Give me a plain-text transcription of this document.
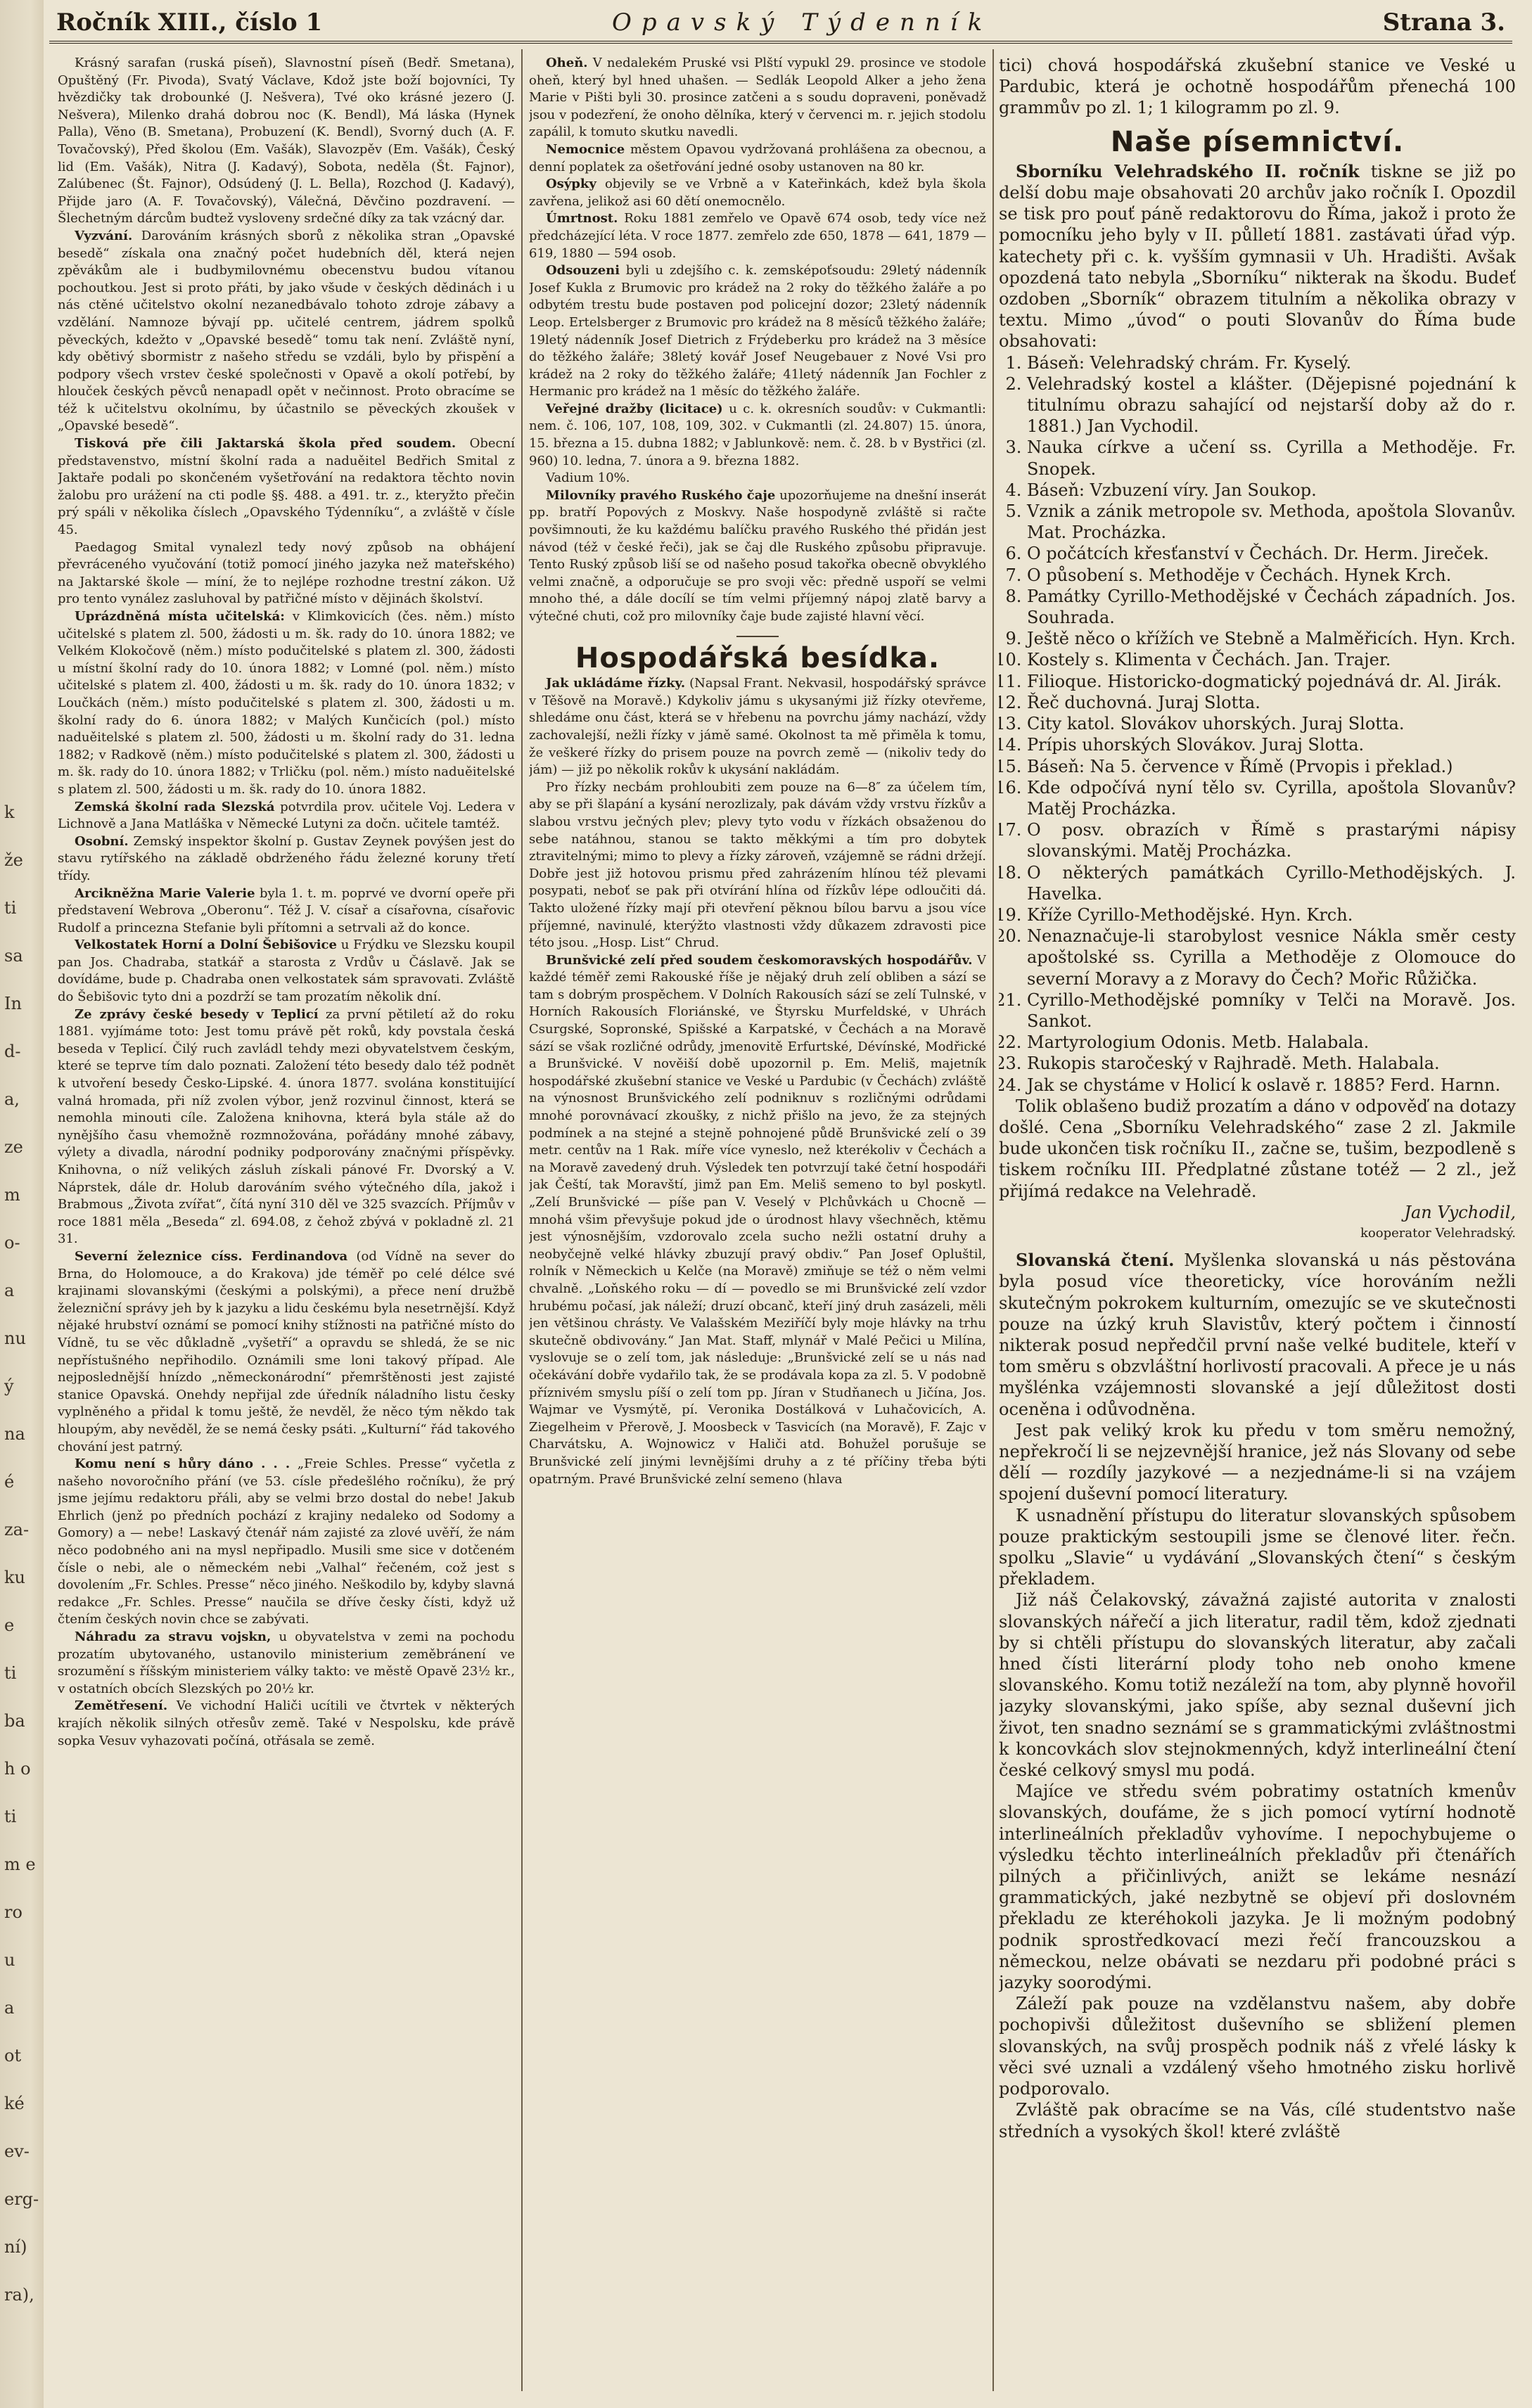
k
že
ti
sa
In
d-
a,
ze
m
o-
a
nu
ý
na
é
za-
ku
e
ti
ba
h o
ti
m e
ro
u
a
ot
ké
ev-
erg-
ní)
ra),
Ročník XIII., číslo 1	Opavský Týdenník	Strana 3.

Krásný sarafan (ruská píseň), Slavnostní píseň (Bedř. Smetana), Opuštěný (Fr. Pivoda), Svatý Václave, Kdož jste boží bojovníci, Ty hvězdičky tak drobounké (J. Nešvera), Tvé oko krásné jezero (J. Nešvera), Milenko drahá dobrou noc (K. Bendl), Má láska (Hynek Palla), Věno (B. Smetana), Probuzení (K. Bendl), Svorný duch (A. F. Tovačovský), Před školou (Em. Vašák), Slavozpěv (Em. Vašák), Český lid (Em. Vašák), Nitra (J. Kadavý), Sobota, neděla (Št. Fajnor), Zalúbenec (Št. Fajnor), Odsúdený (J. L. Bella), Rozchod (J. Kadavý), Přijde jaro (A. F. Tovačovský), Válečná, Děvčino pozdravení. — Šlechetným dárcům budtež vysloveny srdečné díky za tak vzácný dar.

Vyzvání. Darováním krásných sborů z několika stran „Opavské besedě“ získala ona značný počet hudebních děl, která nejen zpěvákům ale i budbymilovnému obecenstvu budou vítanou pochoutkou. Jest si proto přáti, by jako všude v českých dědinách i u nás ctěné učitelstvo okolní nezanedbávalo tohoto zdroje zábavy a vzdělání. Namnoze bývají pp. učitelé centrem, jádrem spolků pěveckých, kdežto v „Opavské besedě“ tomu tak není. Zvláště nyní, kdy obětivý sbormistr z našeho středu se vzdáli, bylo by přispění a podpory všech vrstev české společnosti v Opavě a okolí potřebí, by hlouček českých pěvců nenapadl opět v nečinnost. Proto obracíme se též k učitelstvu okolnímu, by účastnilo se pěveckých zkoušek v „Opavské besedě“.

Tisková pře čili Jaktarská škola před soudem. Obecní představenstvo, místní školní rada a naduěitel Bedřich Smital z Jaktaře podali po skončeném vyšetřování na redaktora těchto novin žalobu pro urážení na cti podle §§. 488. a 491. tr. z., kteryžto přečin prý spáli v několika číslech „Opavského Týdenníku“, a zvláště v čísle 45.

Paedagog Smital vynalezl tedy nový způsob na obhájení převráceného vyučování (totiž pomocí jiného jazyka než mateřského) na Jaktarské škole — míní, že to nejlépe rozhodne trestní zákon. Už pro tento vynález zasluhoval by patřičné místo v dějinách školství.

Uprázdněná místa učitelská: v Klimkovicích (čes. něm.) místo učitelské s platem zl. 500, žádosti u m. šk. rady do 10. února 1882; ve Velkém Klokočově (něm.) místo podučitelské s platem zl. 300, žádosti u místní školní rady do 10. února 1882; v Lomné (pol. něm.) místo učitelské s platem zl. 400, žádosti u m. šk. rady do 10. února 1832; v Loučkách (něm.) místo podučitelské s platem zl. 300, žádosti u m. školní rady do 6. února 1882; v Malých Kunčicích (pol.) místo naduěitelské s platem zl. 500, žádosti u m. školní rady do 31. ledna 1882; v Radkově (něm.) místo podučitelské s platem zl. 300, žádosti u m. šk. rady do 10. února 1882; v Trličku (pol. něm.) místo naduěitelské s platem zl. 500, žádosti u m. šk. rady do 10. února 1882.

Zemská školní rada Slezská potvrdila prov. učitele Voj. Ledera v Lichnově a Jana Matláška v Německé Lutyni za dočn. učitele tamtéž.

Osobní. Zemský inspektor školní p. Gustav Zeynek povýšen jest do stavu rytířského na základě obdrženého řádu železné koruny třetí třídy.

Arcikněžna Marie Valerie byla 1. t. m. poprvé ve dvorní opeře při představení Webrova „Oberonu“. Též J. V. císař a císařovna, císařovic Rudolf a princezna Stefanie byli přítomni a setrvali až do konce.

Velkostatek Horní a Dolní Šebišovice u Frýdku ve Slezsku koupil pan Jos. Chadraba, statkář a starosta z Vrdův u Čáslavě. Jak se dovídáme, bude p. Chadraba onen velkostatek sám spravovati. Zvláště do Šebišovic tyto dni a pozdrží se tam prozatím několik dní.

Ze zprávy české besedy v Teplicí za první pětiletí až do roku 1881. vyjímáme toto: Jest tomu právě pět roků, kdy povstala česká beseda v Teplicí. Čilý ruch zavládl tehdy mezi obyvatelstvem českým, které se teprve tím dalo poznati. Založení této besedy dalo též podnět k utvoření besedy Česko-Lipské. 4. února 1877. svolána konstituijící valná hromada, při níž zvolen výbor, jenž rozvinul činnost, která se nemohla minouti cíle. Založena knihovna, která byla stále až do nynějšího času vhemožně rozmnožována, pořádány mnohé zábavy, výlety a divadla, národní podniky podporovány značnými příspěvky. Knihovna, o níž velikých zásluh získali pánové Fr. Dvorský a V. Náprstek, dále dr. Holub darováním svého výtečného díla, jakož i Brabmous „Života zvířat“, čítá nyní 310 děl ve 325 svazcích. Příjmův v roce 1881 měla „Beseda“ zl. 694.08, z čehož zbývá v pokladně zl. 21 31.

Severní železnice císs. Ferdinandova (od Vídně na sever do Brna, do Holomouce, a do Krakova) jde téměř po celé délce své krajinami slovanskými (českými a polskými), a přece není družbě železniční správy jeh by k jazyku a lidu českému byla nesetrnější. Když nějaké hrubství oznámí se pomocí knihy stížnosti na patřičné místo do Vídně, tu se věc důkladně „vyšetří“ a opravdu se shledá, že se nic nepřístušného nepřihodilo. Oznámili sme loni takový případ. Ale nejposlednější hnízdo „německonárodní“ přemrštěnosti jest zajisté stanice Opavská. Onehdy nepřijal zde úředník náladního listu česky vyplněného a přidal k tomu ještě, že nevděl, že něco tým někdo tak hloupým, aby nevěděl, že se nemá česky psáti. „Kulturní“ řád takového chování jest patrný.

Komu není s hůry dáno . . . „Freie Schles. Presse“ vyčetla z našeho novoročního přání (ve 53. císle předešlého ročníku), že prý jsme jejímu redaktoru přáli, aby se velmi brzo dostal do nebe! Jakub Ehrlich (jenž po předních pochází z krajiny nedaleko od Sodomy a Gomory) a — nebe! Laskavý čtenář nám zajisté za zlové uvěří, že nám něco podobného ani na mysl nepřipadlo. Musili sme sice v dotčeném čísle o nebi, ale o německém nebi „Valhal“ řečeném, což jest s dovolením „Fr. Schles. Presse“ něco jiného. Neškodilo by, kdyby slavná redakce „Fr. Schles. Presse“ naučila se dříve česky čísti, když už čtením českých novin chce se zabývati.

Náhradu za stravu vojskn, u obyvatelstva v zemi na pochodu prozatím ubytovaného, ustanovilo ministerium zeměbránení ve srozumění s říšským ministeriem války takto: ve městě Opavě 23½ kr., v ostatních obcích Slezských po 20½ kr.

Zemětřesení. Ve vichodní Haliči ucítili ve čtvrtek v některých krajích několik silných otřesův země. Také v Nespolsku, kde právě sopka Vesuv vyhazovati počíná, otřásala se země.

Oheň. V nedalekém Pruské vsi Plští vypukl 29. prosince ve stodole oheň, který byl hned uhašen. — Sedlák Leopold Alker a jeho žena Marie v Pišti byli 30. prosince zatčeni a s soudu dopraveni, poněvadž jsou v podezření, že onoho dělníka, který v červenci m. r. jejich stodolu zapálil, k tomuto skutku navedli.

Nemocnice městem Opavou vydržovaná prohlášena za obecnou, a denní poplatek za ošetřování jedné osoby ustanoven na 80 kr.

Osýpky objevily se ve Vrbně a v Kateřinkách, kdež byla škola zavřena, jelikož asi 60 dětí onemocnělo.

Úmrtnost. Roku 1881 zemřelo ve Opavě 674 osob, tedy více než předcházející léta. V roce 1877. zemřelo zde 650, 1878 — 641, 1879 — 619, 1880 — 594 osob.

Odsouzeni byli u zdejšího c. k. zemsképoťsoudu: 29letý nádenník Josef Kukla z Brumovic pro krádež na 2 roky do těžkého žaláře a po odbytém trestu bude postaven pod policejní dozor; 23letý nádenník Leop. Ertelsberger z Brumovic pro krádež na 8 měsíců těžkého žaláře; 19letý nádenník Josef Dietrich z Frýdeberku pro krádež na 3 měsíce do těžkého žaláře; 38letý kovář Josef Neugebauer z Nové Vsi pro krádež na 2 roky do těžkého žaláře; 41letý nádenník Jan Fochler z Hermanic pro krádež na 1 měsíc do těžkého žaláře.

Veřejné dražby (licitace) u c. k. okresních soudův: v Cukmantli: nem. č. 106, 107, 108, 109, 302. v Cukmantli (zl. 24.807) 15. února, 15. března a 15. dubna 1882; v Jablunkově: nem. č. 28. b v Bystřici (zl. 960) 10. ledna, 7. února a 9. března 1882.

Vadium 10%.

Milovníky pravého Ruského čaje upozorňujeme na dnešní inserát pp. bratří Popových z Moskvy. Naše hospodyně zvláště si račte povšimnouti, že ku každému balíčku pravého Ruského thé přidán jest návod (též v české řeči), jak se čaj dle Ruského způsobu připravuje. Tento Ruský způsob liší se od našeho posud takořka obecně obvyklého velmi značně, a odporučuje se pro svoji věc: předně uspoří se velmi mnoho thé, a dále docílí se tím velmi příjemný nápoj zlatě barvy a výtečné chuti, což pro milovníky čaje bude zajisté hlavní věcí.

Hospodářská besídka.

Jak ukládáme řízky. (Napsal Frant. Nekvasil, hospodářský správce v Těšově na Moravě.) Kdykoliv jámu s ukysanými již řízky otevřeme, shledáme onu část, která se v hřebenu na povrchu jámy nachází, vždy zachovalejší, nežli řízky v jámě samé. Okolnost ta mě přiměla k tomu, že veškeré řízky do prisem pouze na povrch země — (nikoliv tedy do jám) — již po několik rokův k ukysání nakládám.

Pro řízky necbám prohloubiti zem pouze na 6—8″ za účelem tím, aby se při šlapání a kysání nerozlizaly, pak dávám vždy vrstvu řízkův a slabou vrstvu ječných plev; plevy tyto vodu v řízkách obsaženou do sebe natáhnou, stanou se takto měkkými a tím pro dobytek ztravitelnými; mimo to plevy a řízky zároveň, vzájemně se rádni držejí. Dobře jest již hotovou prismu před zahrázením hlínou též plevami posypati, neboť se pak při otvírání hlína od řízkův lépe odloučiti dá. Takto uložené řízky mají při otevření pěknou bílou barvu a jsou více příjemné, navinulé, kterýžto vlastnosti vždy důkazem zdravosti pice této jsou. „Hosp. List“ Chrud.

Brunšvické zelí před soudem českomoravských hospodářův. V každé téměř zemi Rakouské říše je nějaký druh zelí obliben a sází se tam s dobrým prospěchem. V Dolních Rakousích sází se zelí Tulnské, v Horních Rakousích Floriánské, ve Štyrsku Murfeldské, v Uhrách Csurgské, Sopronské, Spišské a Karpatské, v Čechách a na Moravě sází se však rozličné odrůdy, jmenovitě Erfurtské, Dévínské, Modřické a Brunšvické. V nověiší době upozornil p. Em. Meliš, majetník hospodářské zkušební stanice ve Veské u Pardubic (v Čechách) zvláště na výnosnost Brunšvického zelí podniknuv s rozličnými odrůdami mnohé porovnávací zkoušky, z nichž přišlo na jevo, že za stejných podmínek a na stejné a stejně pohnojené půdě Brunšvické zelí o 39 metr. centův na 1 Rak. míře více vyneslo, než kterékoliv v Čechách a na Moravě zavedený druh. Výsledek ten potvrzují také četní hospodáři jak Čeští, tak Moravští, jimž pan Em. Meliš semeno to byl poskytl. „Zelí Brunšvické — píše pan V. Veselý v Plchůvkách u Chocně — mnohá všim převyšuje pokud jde o úrodnost hlavy všechněch, ktěmu jest výnosnějším, vzdorovalo zcela sucho nežli ostatní druhy a neobyčejně velké hlávky zbuzují pravý obdiv.“ Pan Josef Opluštil, rolník v Německich u Kelče (na Moravě) zmiňuje se též o něm velmi chvalně. „Loňského roku — dí — povedlo se mi Brunšvické zelí vzdor hrubému počasí, jak náleží; druzí obcanč, kteří jiný druh zasázeli, měli jen většinou chrásty. Ve Valašském Meziříčí byly moje hlávky na trhu skutečně obdivovány.“ Jan Mat. Staff, mlynář v Malé Pečici u Milína, vyslovuje se o zelí tom, jak následuje: „Brunšvické zelí se u nás nad očekávání dobře vydařilo tak, že se prodávala kopa za zl. 5. V podobně příznivém smyslu píší o zelí tom pp. Jíran v Studňanech u Jičína, Jos. Wajmar ve Vysmýtě, pí. Veronika Dostálková v Luhačovicích, A. Ziegelheim v Přerově, J. Moosbeck v Tasvicích (na Moravě), F. Zajc v Charvátsku, A. Wojnowicz v Haliči atd. Bohužel porušuje se Brunšvické zelí jinými levnějšími druhy a z té příčiny třeba býti opatrným. Pravé Brunšvické zelní semeno (hlava

tici) chová hospodářská zkušební stanice ve Veské u Pardubic, která je ochotně hospodářům přenechá 100 grammův po zl. 1; 1 kilogramm po zl. 9.

Naše písemnictví.

Sborníku Velehradského II. ročník tiskne se již po delší dobu maje obsahovati 20 archův jako ročník I. Opozdil se tisk pro pouť páně redaktorovu do Říma, jakož i proto že pomocníku jeho byly v II. půlletí 1881. zastávati úřad výp. katechety při c. k. vyšším gymnasii v Uh. Hradišti. Avšak opozdená tato nebyla „Sborníku“ nikterak na škodu. Budeť ozdoben „Sborník“ obrazem titulním a několika obrazy v textu. Mimo „úvod“ o pouti Slovanův do Říma bude obsahovati:

1. Báseň: Velehradský chrám. Fr. Kyselý.
2. Velehradský kostel a klášter. (Dějepisné pojednání k titulnímu obrazu sahající od nejstarší doby až do r. 1881.) Jan Vychodil.
3. Nauka církve a učení ss. Cyrilla a Methoděje. Fr. Snopek.
4. Báseň: Vzbuzení víry. Jan Soukop.
5. Vznik a zánik metropole sv. Methoda, apoštola Slovanův. Mat. Procházka.
6. O počátcích křesťanství v Čechách. Dr. Herm. Jireček.
7. O působení s. Methoděje v Čechách. Hynek Krch.
8. Památky Cyrillo-Methodějské v Čechách západních. Jos. Souhrada.
9. Ještě něco o křížích ve Stebně a Malměřicích. Hyn. Krch.
10. Kostely s. Klimenta v Čechách. Jan. Trajer.
11. Filioque. Historicko-dogmatický pojednává dr. Al. Jirák.
12. Řeč duchovná. Juraj Slotta.
13. City katol. Slovákov uhorských. Juraj Slotta.
14. Prípis uhorských Slovákov. Juraj Slotta.
15. Báseň: Na 5. července v Římě (Prvopis i překlad.)
16. Kde odpočívá nyní tělo sv. Cyrilla, apoštola Slovanův? Matěj Procházka.
17. O posv. obrazích v Římě s prastarými nápisy slovanskými. Matěj Procházka.
18. O některých památkách Cyrillo-Methodějských. J. Havelka.
19. Kříže Cyrillo-Methodějské. Hyn. Krch.
20. Nenaznačuje-li starobylost vesnice Nákla směr cesty apoštolské ss. Cyrilla a Methoděje z Olomouce do severní Moravy a z Moravy do Čech? Mořic Růžička.
21. Cyrillo-Methodějské pomníky v Telči na Moravě. Jos. Sankot.
22. Martyrologium Odonis. Metb. Halabala.
23. Rukopis staročeský v Rajhradě. Meth. Halabala.
24. Jak se chystáme v Holicí k oslavě r. 1885? Ferd. Harnn.

Tolik oblašeno budiž prozatím a dáno v odpověď na dotazy došlé. Cena „Sborníku Velehradského“ zase 2 zl. Jakmile bude ukončen tisk ročníku II., začne se, tušim, bezpodleně s tiskem ročníku III. Předplatné zůstane totéž — 2 zl., jež přijímá redakce na Velehradě.

Jan Vychodil,

kooperator Velehradský.

Slovanská čtení. Myšlenka slovanská u nás pěstována byla posud více theoreticky, více horováním nežli skutečným pokrokem kulturním, omezujíc se ve skutečnosti pouze na úzký kruh Slavistův, který počtem i činností nikterak posud nepředčil první naše velké buditele, kteří v tom směru s obzvláštní horlivostí pracovali. A přece je u nás myšlénka vzájemnosti slovanské a její důležitost dosti oceněna i odůvodněna.

Jest pak veliký krok ku předu v tom směru nemožný, nepřekročí li se nejzevnější hranice, jež nás Slovany od sebe dělí — rozdíly jazykové — a nezjednáme-li si na vzájem spojení duševní pomocí literatury.

K usnadnění přístupu do literatur slovanských spůsobem pouze praktickým sestoupili jsme se členové liter. řečn. spolku „Slavie“ u vydávání „Slovanských čtení“ s českým překladem.

Již náš Čelakovský, závažná zajisté autorita v znalosti slovanských nářečí a jich literatur, radil těm, kdož zjednati by si chtěli přístupu do slovanských literatur, aby začali hned čísti literární plody toho neb onoho kmene slovanského. Komu totiž nezáleží na tom, aby plynně hovořil jazyky slovanskými, jako spíše, aby seznal duševní jich život, ten snadno seznámí se s grammatickými zvláštnostmi k koncovkách slov stejnokmenných, když interlineální čtení české celkový smysl mu podá.

Majíce ve středu svém pobratimy ostatních kmenův slovanských, doufáme, že s jich pomocí vytírní hodnotě interlineálních překladův vyhovíme. I nepochybujeme o výsledku těchto interlineálních překladův při čtenářích pilných a přičinlivých, anižt se lekáme nesnází grammatických, jaké nezbytně se objeví při doslovném překladu ze kteréhokoli jazyka. Je li možným podobný podnik sprostředkovací mezi řečí francouzskou a německou, nelze obávati se nezdaru při podobné práci s jazyky soorodými.

Záleží pak pouze na vzdělanstvu našem, aby dobře pochopivši důležitost duševního se sbližení plemen slovanských, na svůj prospěch podnik náš z vřelé lásky k věci své uznali a vzdálený všeho hmotného zisku horlivě podporovalo.

Zvláště pak obracíme se na Vás, cílé studentstvo naše středních a vysokých škol! které zvláště
